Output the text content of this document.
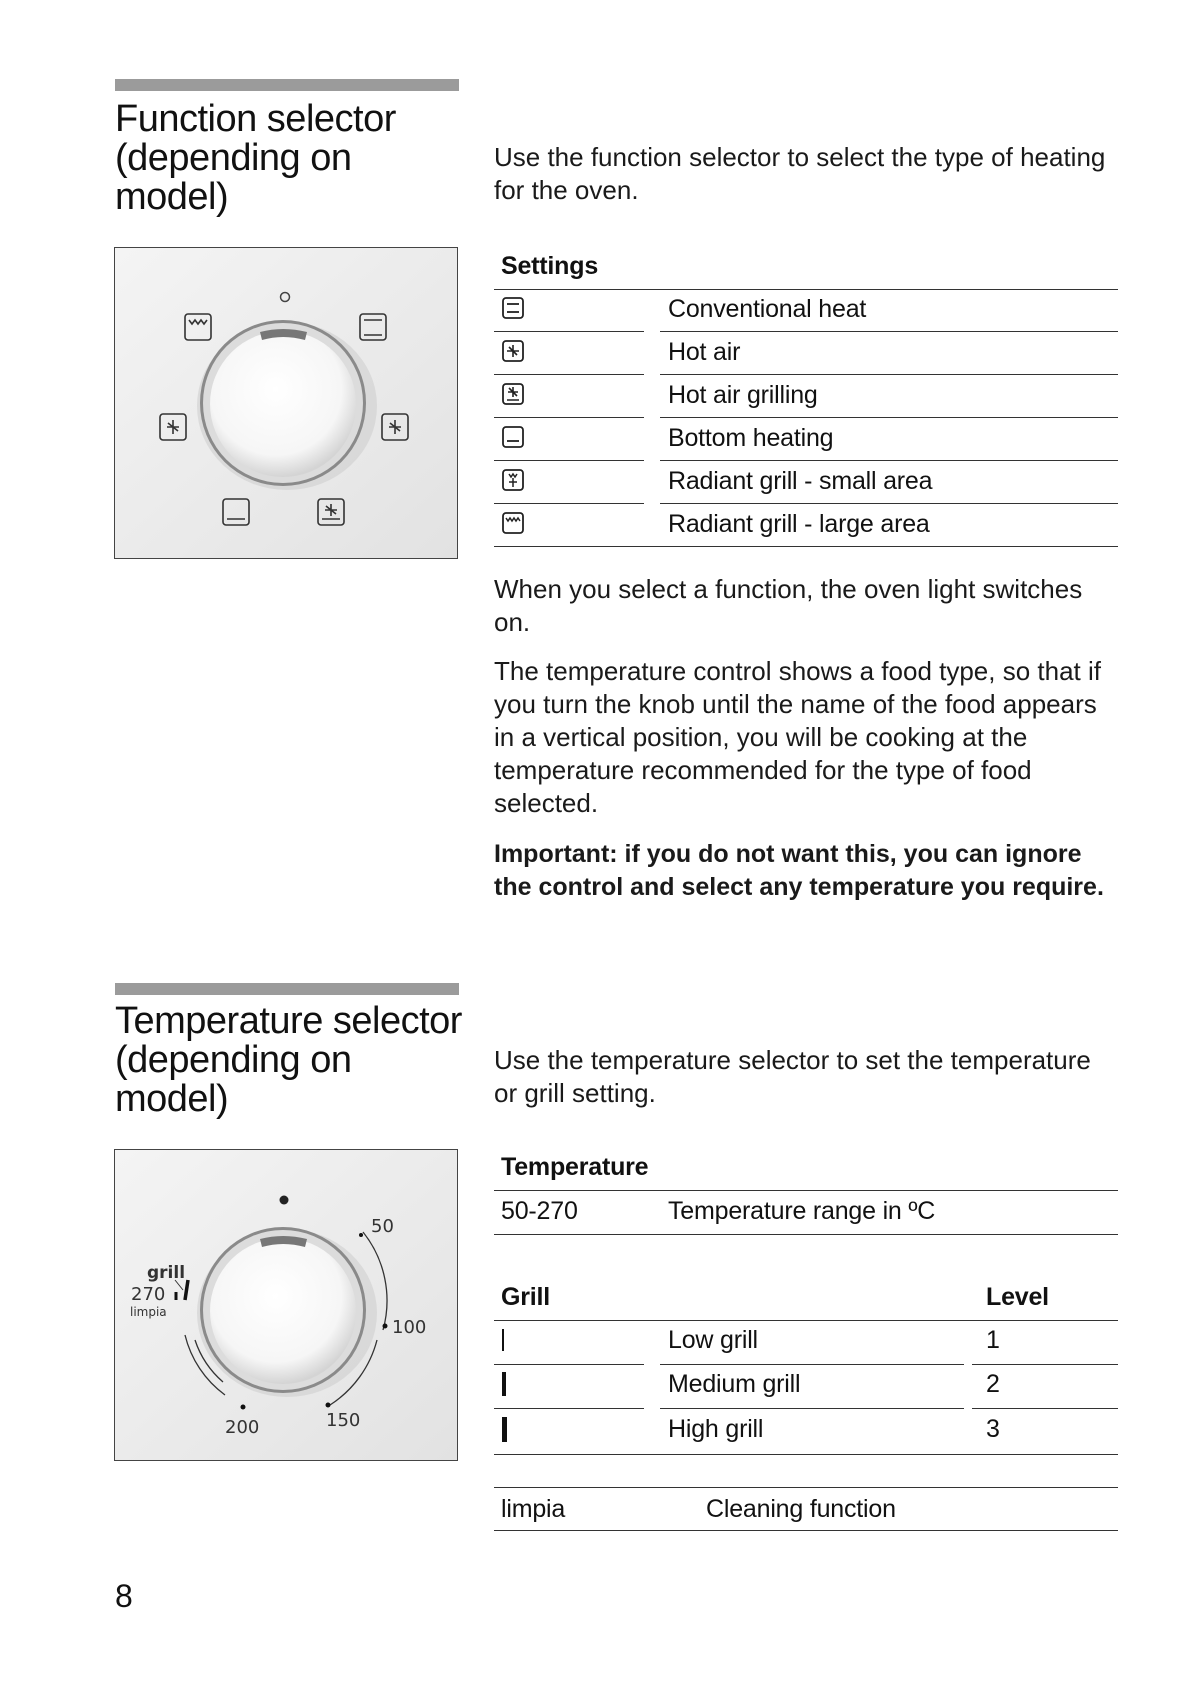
Function selector (depending on model)

Use the function selector to select the type of heating for the oven.

Settings
Conventional heat
Hot air
Hot air grilling
Bottom heating
Radiant grill - small area
Radiant grill - large area

When you select a function, the oven light switches on.

The temperature control shows a food type, so that if you turn the knob until the name of the food appears in a vertical position, you will be cooking at the temperature recommended for the type of food selected.

Important: if you do not want this, you can ignore the control and select any temperature you require.

Temperature selector (depending on model)

Use the temperature selector to set the temperature or grill setting.

grill
270
limpia
50
100
150
200
Temperature
50-270	Temperature range in ºC
Grill	Level
Low grill	1
Medium grill	2
High grill	3
limpia	Cleaning function
8
